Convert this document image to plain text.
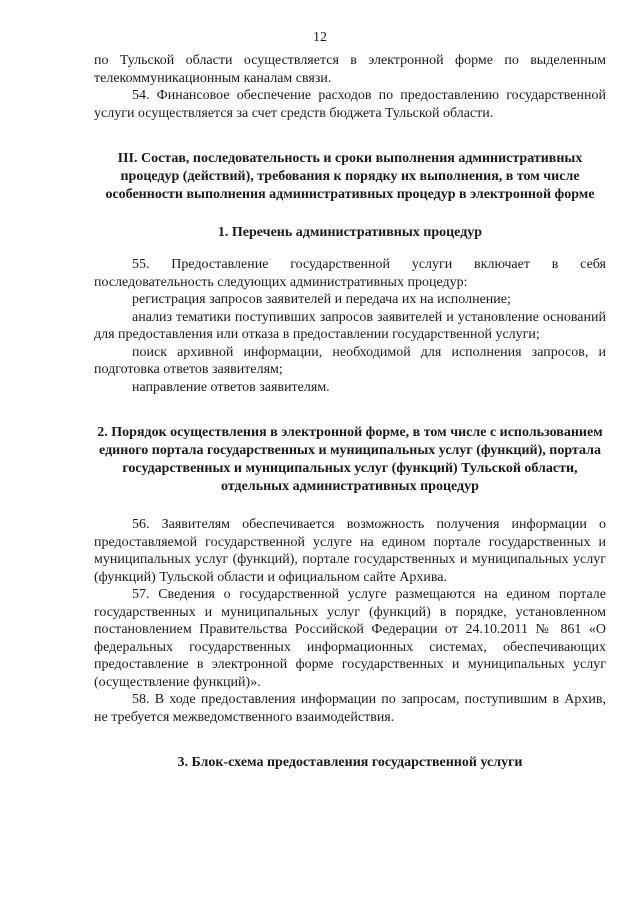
12

по Тульской области осуществляется в электронной форме по выделенным телекоммуникационным каналам связи.

54. Финансовое обеспечение расходов по предоставлению государственной услуги осуществляется за счет средств бюджета Тульской области.

III. Состав, последовательность и сроки выполнения административных процедур (действий), требования к порядку их выполнения, в том числе особенности выполнения административных процедур в электронной форме

1. Перечень административных процедур

55. Предоставление государственной услуги включает в себя последовательность следующих административных процедур:

регистрация запросов заявителей и передача их на исполнение;

анализ тематики поступивших запросов заявителей и установление оснований для предоставления или отказа в предоставлении государственной услуги;

поиск архивной информации, необходимой для исполнения запросов, и подготовка ответов заявителям;

направление ответов заявителям.

2. Порядок осуществления в электронной форме, в том числе с использованием единого портала государственных и муниципальных услуг (функций), портала государственных и муниципальных услуг (функций) Тульской области, отдельных административных процедур

56. Заявителям обеспечивается возможность получения информации о предоставляемой государственной услуге на едином портале государственных и муниципальных услуг (функций), портале государственных и муниципальных услуг (функций) Тульской области и официальном сайте Архива.

57. Сведения о государственной услуге размещаются на едином портале государственных и муниципальных услуг (функций) в порядке, установленном постановлением Правительства Российской Федерации от 24.10.2011 № 861 «О федеральных государственных информационных системах, обеспечивающих предоставление в электронной форме государственных и муниципальных услуг (осуществление функций)».

58. В ходе предоставления информации по запросам, поступившим в Архив, не требуется межведомственного взаимодействия.

3. Блок-схема предоставления государственной услуги
